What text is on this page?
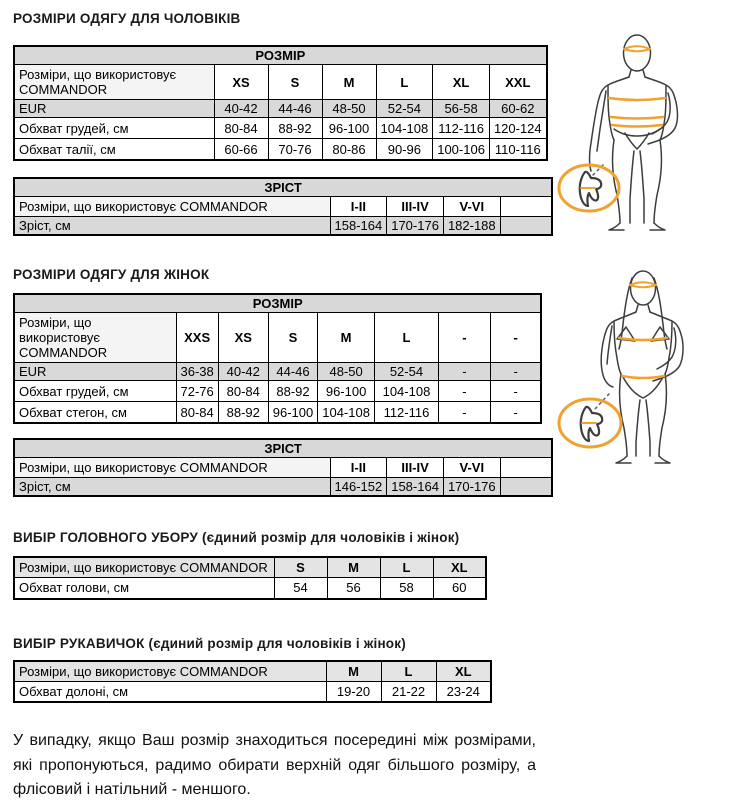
РОЗМІРИ ОДЯГУ ДЛЯ ЧОЛОВІКІВ
РОЗМІР						
Розміри, що використовує COMMANDOR	XS	S	M	L	XL	XXL
EUR	40-42	44-46	48-50	52-54	56-58	60-62
Обхват грудей, см	80-84	88-92	96-100	104-108	112-116	120-124
Обхват талії, см	60-66	70-76	80-86	90-96	100-106	110-116
ЗРІСТ				
Розміри, що використовує COMMANDOR	I-II	III-IV	V-VI	
Зріст, см	158-164	170-176	182-188	
РОЗМІРИ ОДЯГУ ДЛЯ ЖІНОК
РОЗМІР							
Розміри, що використовує COMMANDOR	XXS	XS	S	M	L	-	-
EUR	36-38	40-42	44-46	48-50	52-54	-	-
Обхват грудей, см	72-76	80-84	88-92	96-100	104-108	-	-
Обхват стегон, см	80-84	88-92	96-100	104-108	112-116	-	-
ЗРІСТ				
Розміри, що використовує COMMANDOR	I-II	III-IV	V-VI	
Зріст, см	146-152	158-164	170-176	
ВИБІР ГОЛОВНОГО УБОРУ (єдиний розмір для чоловіків і жінок)
Розміри, що використовує COMMANDOR	S	M	L	XL
Обхват голови, см	54	56	58	60
ВИБІР РУКАВИЧОК (єдиний розмір для чоловіків і жінок)
Розміри, що використовує COMMANDOR	M	L	XL
Обхват долоні, см	19-20	21-22	23-24

У випадку, якщо Ваш розмір знаходиться посередині між розмірами, які пропонуються, радимо обирати верхній одяг більшого розміру, а флісовий і натільний - меншого.
